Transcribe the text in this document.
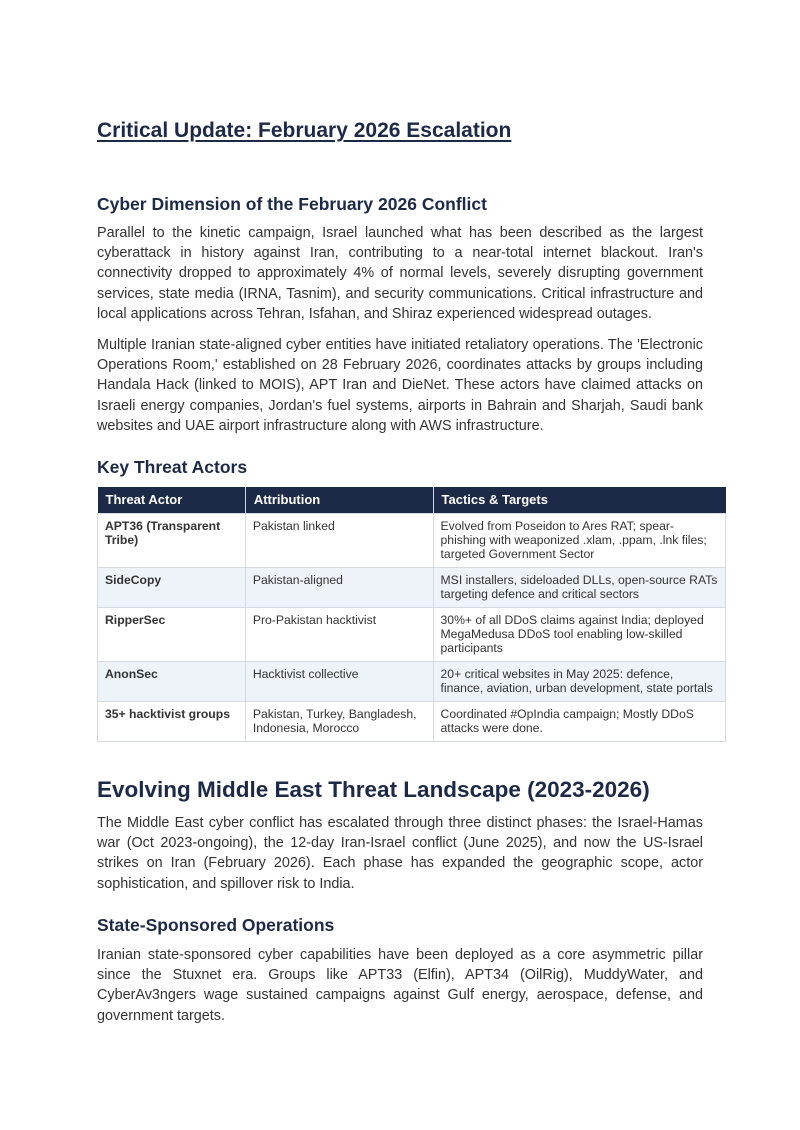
Critical Update: February 2026 Escalation
Cyber Dimension of the February 2026 Conflict

Parallel to the kinetic campaign, Israel launched what has been described as the largest cyberattack in history against Iran, contributing to a near-total internet blackout. Iran's connectivity dropped to approximately 4% of normal levels, severely disrupting government services, state media (IRNA, Tasnim), and security communications. Critical infrastructure and local applications across Tehran, Isfahan, and Shiraz experienced widespread outages.

Multiple Iranian state-aligned cyber entities have initiated retaliatory operations. The 'Electronic Operations Room,' established on 28 February 2026, coordinates attacks by groups including Handala Hack (linked to MOIS), APT Iran and DieNet. These actors have claimed attacks on Israeli energy companies, Jordan's fuel systems, airports in Bahrain and Sharjah, Saudi bank websites and UAE airport infrastructure along with AWS infrastructure.

Key Threat Actors
Threat Actor	Attribution	Tactics & Targets
APT36 (Transparent Tribe)	Pakistan linked	Evolved from Poseidon to Ares RAT; spear-phishing with weaponized .xlam, .ppam, .lnk files; targeted Government Sector
SideCopy	Pakistan-aligned	MSI installers, sideloaded DLLs, open-source RATs targeting defence and critical sectors
RipperSec	Pro-Pakistan hacktivist	30%+ of all DDoS claims against India; deployed MegaMedusa DDoS tool enabling low-skilled participants
AnonSec	Hacktivist collective	20+ critical websites in May 2025: defence, finance, aviation, urban development, state portals
35+ hacktivist groups	Pakistan, Turkey, Bangladesh, Indonesia, Morocco	Coordinated #OpIndia campaign; Mostly DDoS attacks were done.
Evolving Middle East Threat Landscape (2023-2026)

The Middle East cyber conflict has escalated through three distinct phases: the Israel-Hamas war (Oct 2023-ongoing), the 12-day Iran-Israel conflict (June 2025), and now the US-Israel strikes on Iran (February 2026). Each phase has expanded the geographic scope, actor sophistication, and spillover risk to India.

State-Sponsored Operations

Iranian state-sponsored cyber capabilities have been deployed as a core asymmetric pillar since the Stuxnet era. Groups like APT33 (Elfin), APT34 (OilRig), MuddyWater, and CyberAv3ngers wage sustained campaigns against Gulf energy, aerospace, defense, and government targets.
